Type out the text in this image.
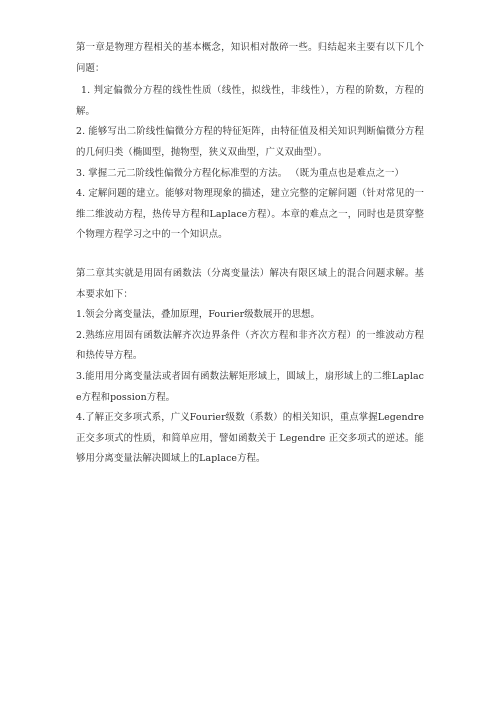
第一章是物理方程相关的基本概念，知识相对散碎一些。归结起来主要有以下几个问题：

1. 判定偏微分方程的线性性质（线性，拟线性，非线性），方程的阶数，方程的解。

2. 能够写出二阶线性偏微分方程的特征矩阵，由特征值及相关知识判断偏微分方程的几何归类（椭圆型，抛物型，狭义双曲型，广义双曲型）。

3. 掌握二元二阶线性偏微分方程化标准型的方法。 （既为重点也是难点之一）

4. 定解问题的建立。能够对物理现象的描述，建立完整的定解问题（针对常见的一维二维波动方程，热传导方程和Laplace方程）。本章的难点之一，同时也是贯穿整个物理方程学习之中的一个知识点。

第二章其实就是用固有函数法（分离变量法）解决有限区域上的混合问题求解。基本要求如下：

1.领会分离变量法，叠加原理，Fourier级数展开的思想。

2.熟练应用固有函数法解齐次边界条件（齐次方程和非齐次方程）的一维波动方程和热传导方程。

3.能用用分离变量法或者固有函数法解矩形域上，圆域上，扇形域上的二维Laplace方程和possion方程。

4.了解正交多项式系，广义Fourier级数（系数）的相关知识，重点掌握Legendre正交多项式的性质，和简单应用，譬如函数关于 Legendre 正交多项式的逆述。能够用分离变量法解决圆域上的Laplace方程。
